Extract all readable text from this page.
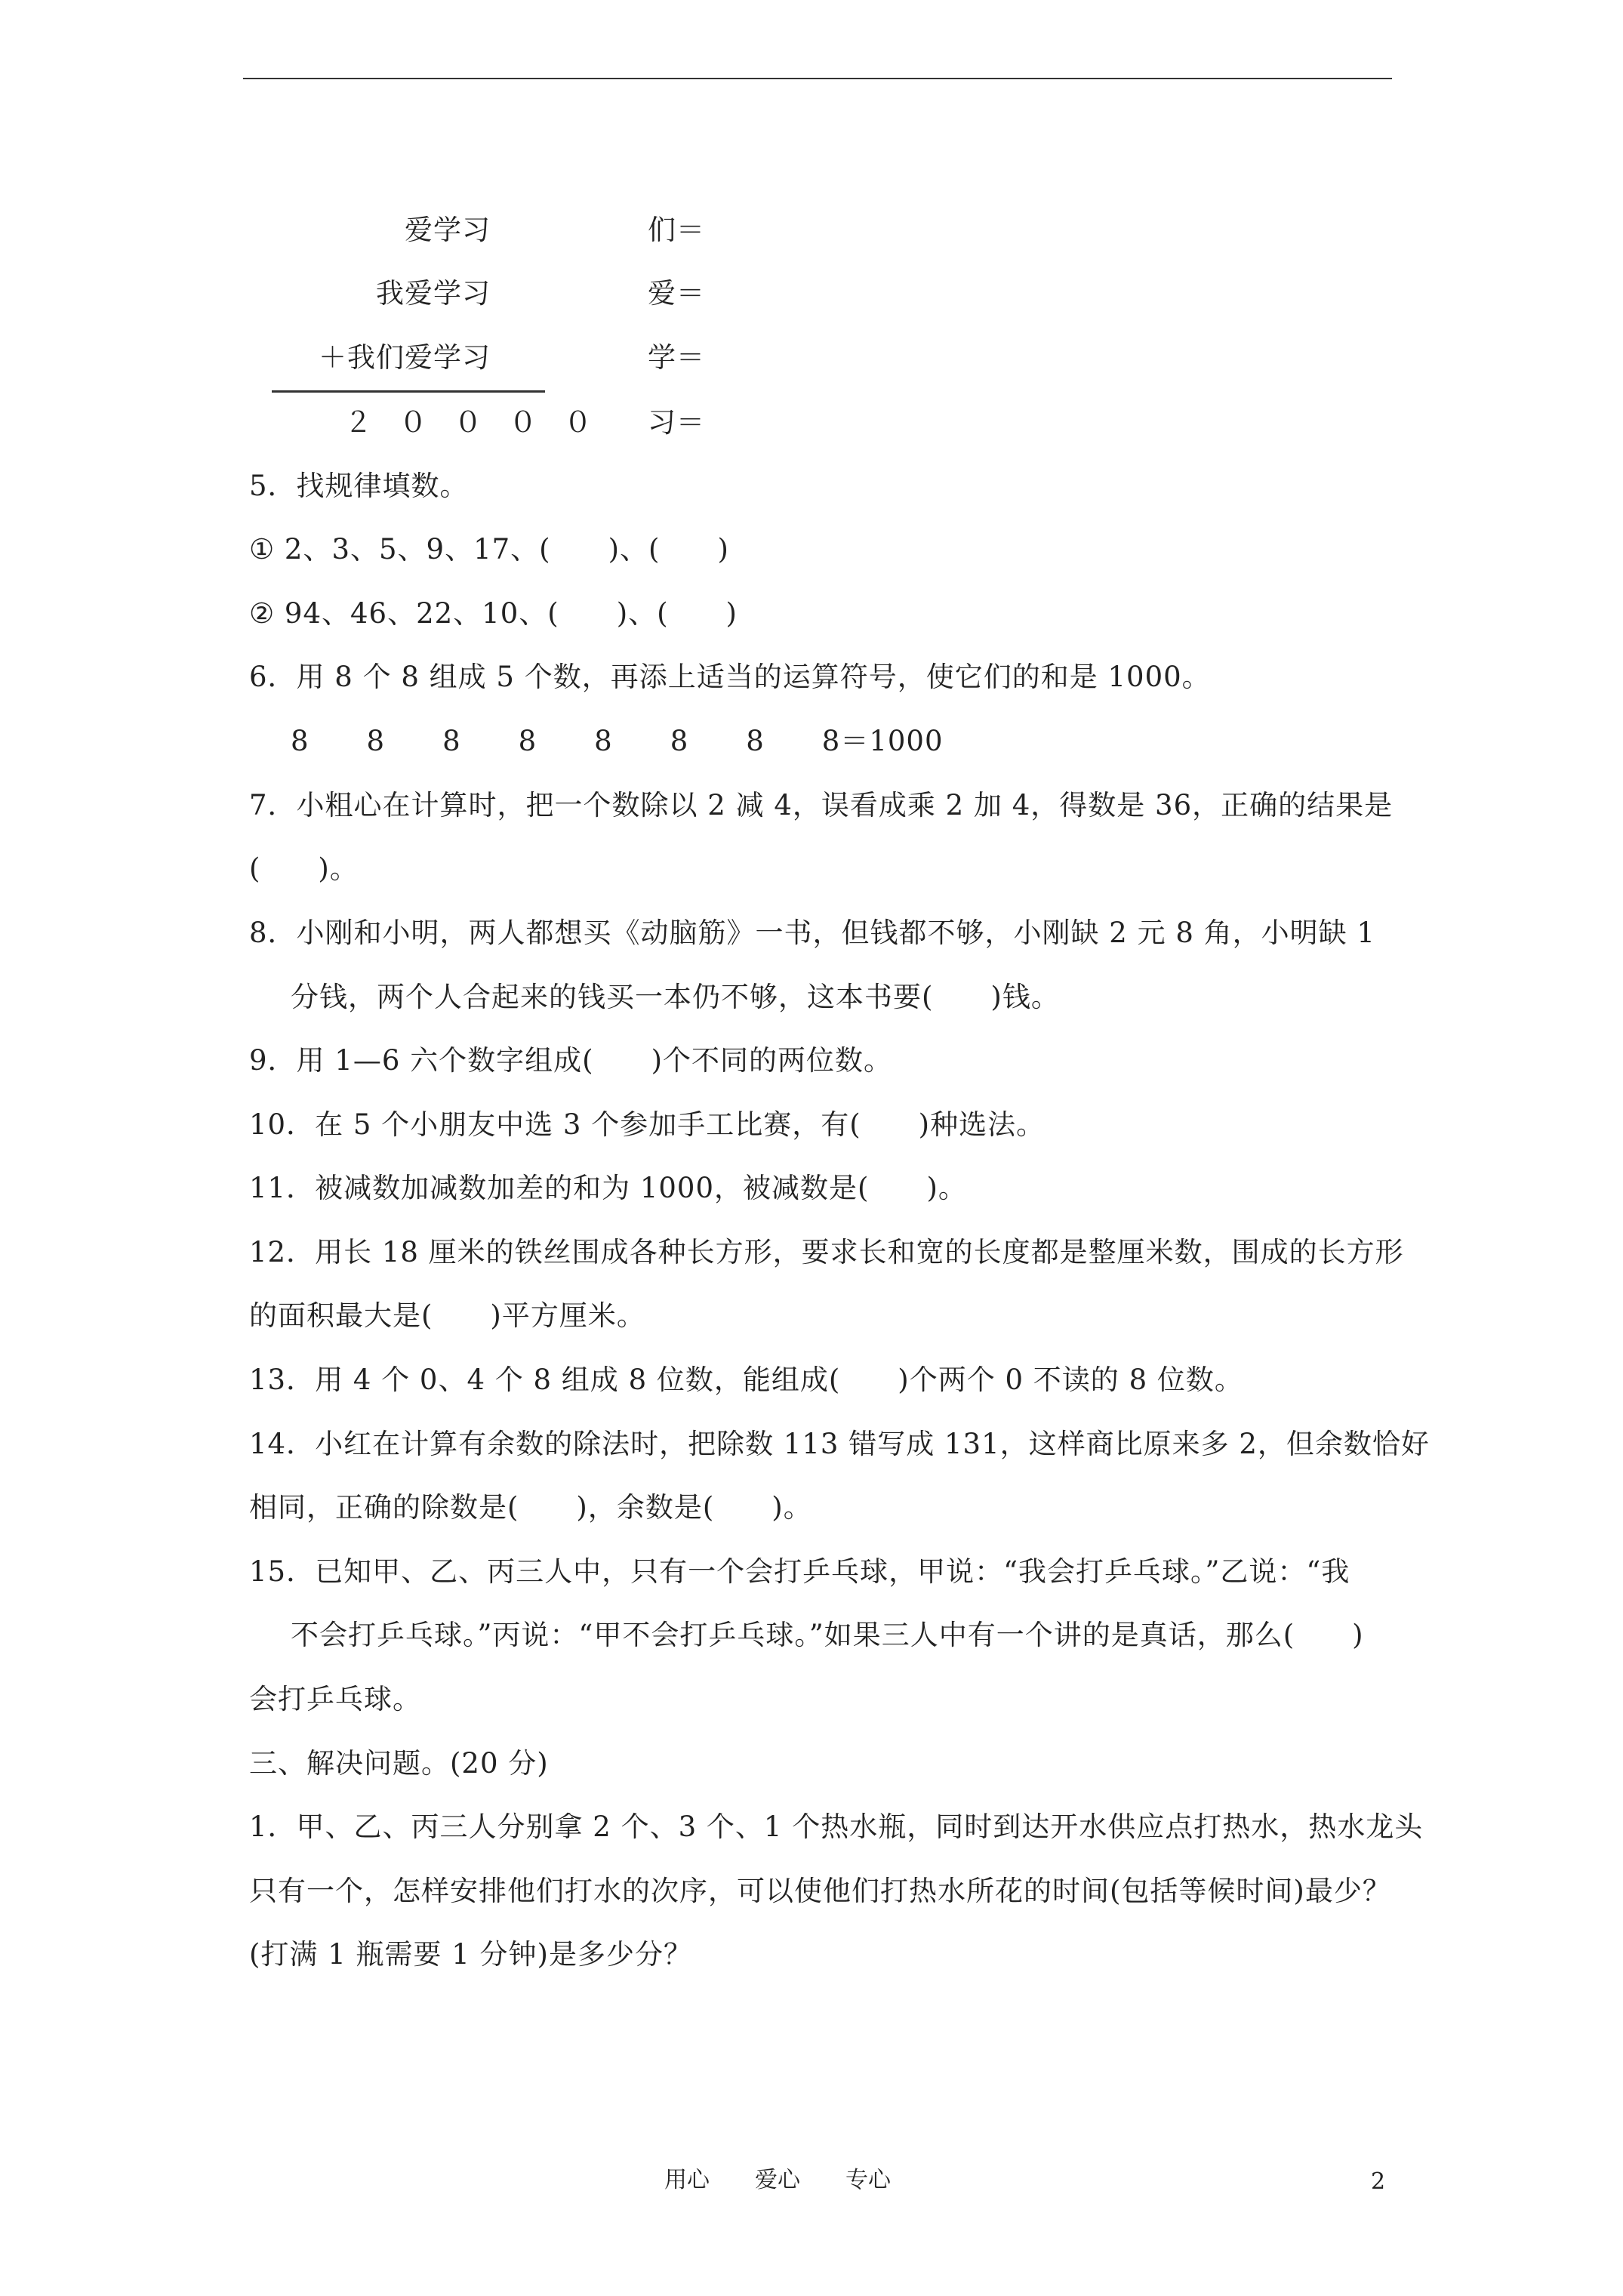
爱学习
我爱学习
＋我们爱学习
２ ０ ０ ０ ０
们＝
爱＝
学＝
习＝
5．找规律填数。
① 2、3、5、9、17、(　　)、(　　)
② 94、46、22、10、(　　)、(　　)
6．用 8 个 8 组成 5 个数，再添上适当的运算符号，使它们的和是 1000。
8　　8　　8　　8　　8　　8　　8　　8＝1000
7．小粗心在计算时，把一个数除以 2 减 4，误看成乘 2 加 4，得数是 36，正确的结果是
(　　)。
8．小刚和小明，两人都想买《动脑筋》一书，但钱都不够，小刚缺 2 元 8 角，小明缺 1
分钱，两个人合起来的钱买一本仍不够，这本书要(　　)钱。
9．用 1—6 六个数字组成(　　)个不同的两位数。
10．在 5 个小朋友中选 3 个参加手工比赛，有(　　)种选法。
11．被减数加减数加差的和为 1000，被减数是(　　)。
12．用长 18 厘米的铁丝围成各种长方形，要求长和宽的长度都是整厘米数，围成的长方形
的面积最大是(　　)平方厘米。
13．用 4 个 0、4 个 8 组成 8 位数，能组成(　　)个两个 0 不读的 8 位数。
14．小红在计算有余数的除法时，把除数 113 错写成 131，这样商比原来多 2，但余数恰好
相同，正确的除数是(　　)，余数是(　　)。
15．已知甲、乙、丙三人中，只有一个会打乒乓球，甲说：“我会打乒乓球。”乙说：“我
不会打乒乓球。”丙说：“甲不会打乒乓球。”如果三人中有一个讲的是真话，那么(　　)
会打乒乓球。
三、解决问题。(20 分)
1．甲、乙、丙三人分别拿 2 个、3 个、1 个热水瓶，同时到达开水供应点打热水，热水龙头
只有一个，怎样安排他们打水的次序，可以使他们打热水所花的时间(包括等候时间)最少？
(打满 1 瓶需要 1 分钟)是多少分？
用心　　爱心　　专心	2
